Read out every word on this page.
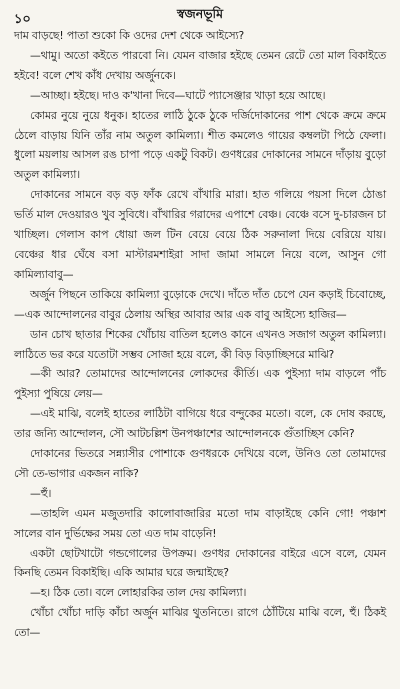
১০	স্বজনভূমি

দাম বাড়ছে! পাতা শুকো কি ওদের দেশ থেকে আইস্যে?

—থামু। অতো কইতে পারবো নি। যেমন বাজার হইছে তেমন রেটে তো মাল বিকাইতে হইবে! বলে শেখ কাঁধ দেখায় অর্জুনকে।

—আচ্ছা। হইছে। দাও ক'খানা দিবে—ঘাটে প্যাসেঞ্জার খাড়া হয়ে আছে।

কোমর নুয়ে নুয়ে ধনুক। হাতের লাঠি ঠুকে ঠুকে দর্জিদোকানের পাশ থেকে ক্রমে ক্রমে ঠেলে বাড়ায় যিনি তাঁর নাম অতুল কামিল্যা। শীত কমলেও গায়ের কম্বলটা পিঠে ফেলা। ধুলো ময়লায় আসল রঙ চাপা পড়ে একটু বিকট। গুণধরের দোকানের সামনে দাঁড়ায় বুড়ো অতুল কামিল্যা।

দোকানের সামনে বড় বড় ফাঁক রেখে বাঁখারি মারা। হাত গলিয়ে পয়সা দিলে ঠোঙা ভর্তি মাল দেওয়ারও খুব সুবিধে। বাঁখারির গরাদের এপাশে বেঞ্চ। বেঞ্চে বসে দু-চারজন চা খাচ্ছিল। গেলাস কাপ ধোয়া জল টিন বেয়ে বেয়ে ঠিক সরুনালা দিয়ে বেরিয়ে যায়। বেঞ্চের ধার ঘেঁষে বসা মাস্টারমশাইরা সাদা জামা সামলে নিয়ে বলে, আসুন গো কামিল্যাবাবু—

অর্জুন পিছনে তাকিয়ে কামিল্যা বুড়োকে দেখে। দাঁতে দাঁত চেপে যেন কড়াই চিবোচ্ছে,—এক আন্দোলনের বাবুর ঠেলায় অস্থির আবার আর এক বাবু আইস্যে হাজির—

ডান চোখ ছাতার শিকের খোঁচায় বাতিল হলেও কানে এখনও সজাগ অতুল কামিল্যা। লাঠিতে ভর করে যতোটা সম্ভব সোজা হয়ে বলে, কী বিড় বিড়াচ্ছিসরে মাঝি?

—কী আর? তোমাদের আন্দোলনের লোকদের কীর্তি। এক পুইস্যা দাম বাড়লে পাঁচ পুইস্যা পুষিয়ে লেয়—

—এই মাঝি, বলেই হাতের লাঠিটা বাগিয়ে ধরে বন্দুকের মতো। বলে, কে দোষ করছে, তার জন্যি আন্দোলন, সৌ আটচল্লিশ উনপঞ্চাশের আন্দোলনকে গুঁতাচ্ছিস কেনি?

দোকানের ভিতরে সন্ন্যাসীর পোশাকে গুণধরকে দেখিয়ে বলে, উনিও তো তোমাদের সৌ তে-ভাগার একজন নাকি?

—হুঁ।

—তাহলি এমন মজুতদারি কালোবাজারির মতো দাম বাড়াইছে কেনি গো! পঞ্চাশ সালের বান দুর্ভিক্ষের সময় তো এত দাম বাড়েনি!

একটা ছোটখাটো গন্ডগোলের উপক্রম। গুণধর দোকানের বাইরে এসে বলে, যেমন কিনছি তেমন বিকাইছি। একি আমার ঘরে জন্মাইছে?

—হ। ঠিক তো। বলে লোহারকির তাল দেয় কামিল্যা।

খোঁচা খোঁচা দাড়ি কাঁচা অর্জুন মাঝির থুতনিতে। রাগে ঠোঁটিয়ে মাঝি বলে, হুঁ। ঠিকই তো—
